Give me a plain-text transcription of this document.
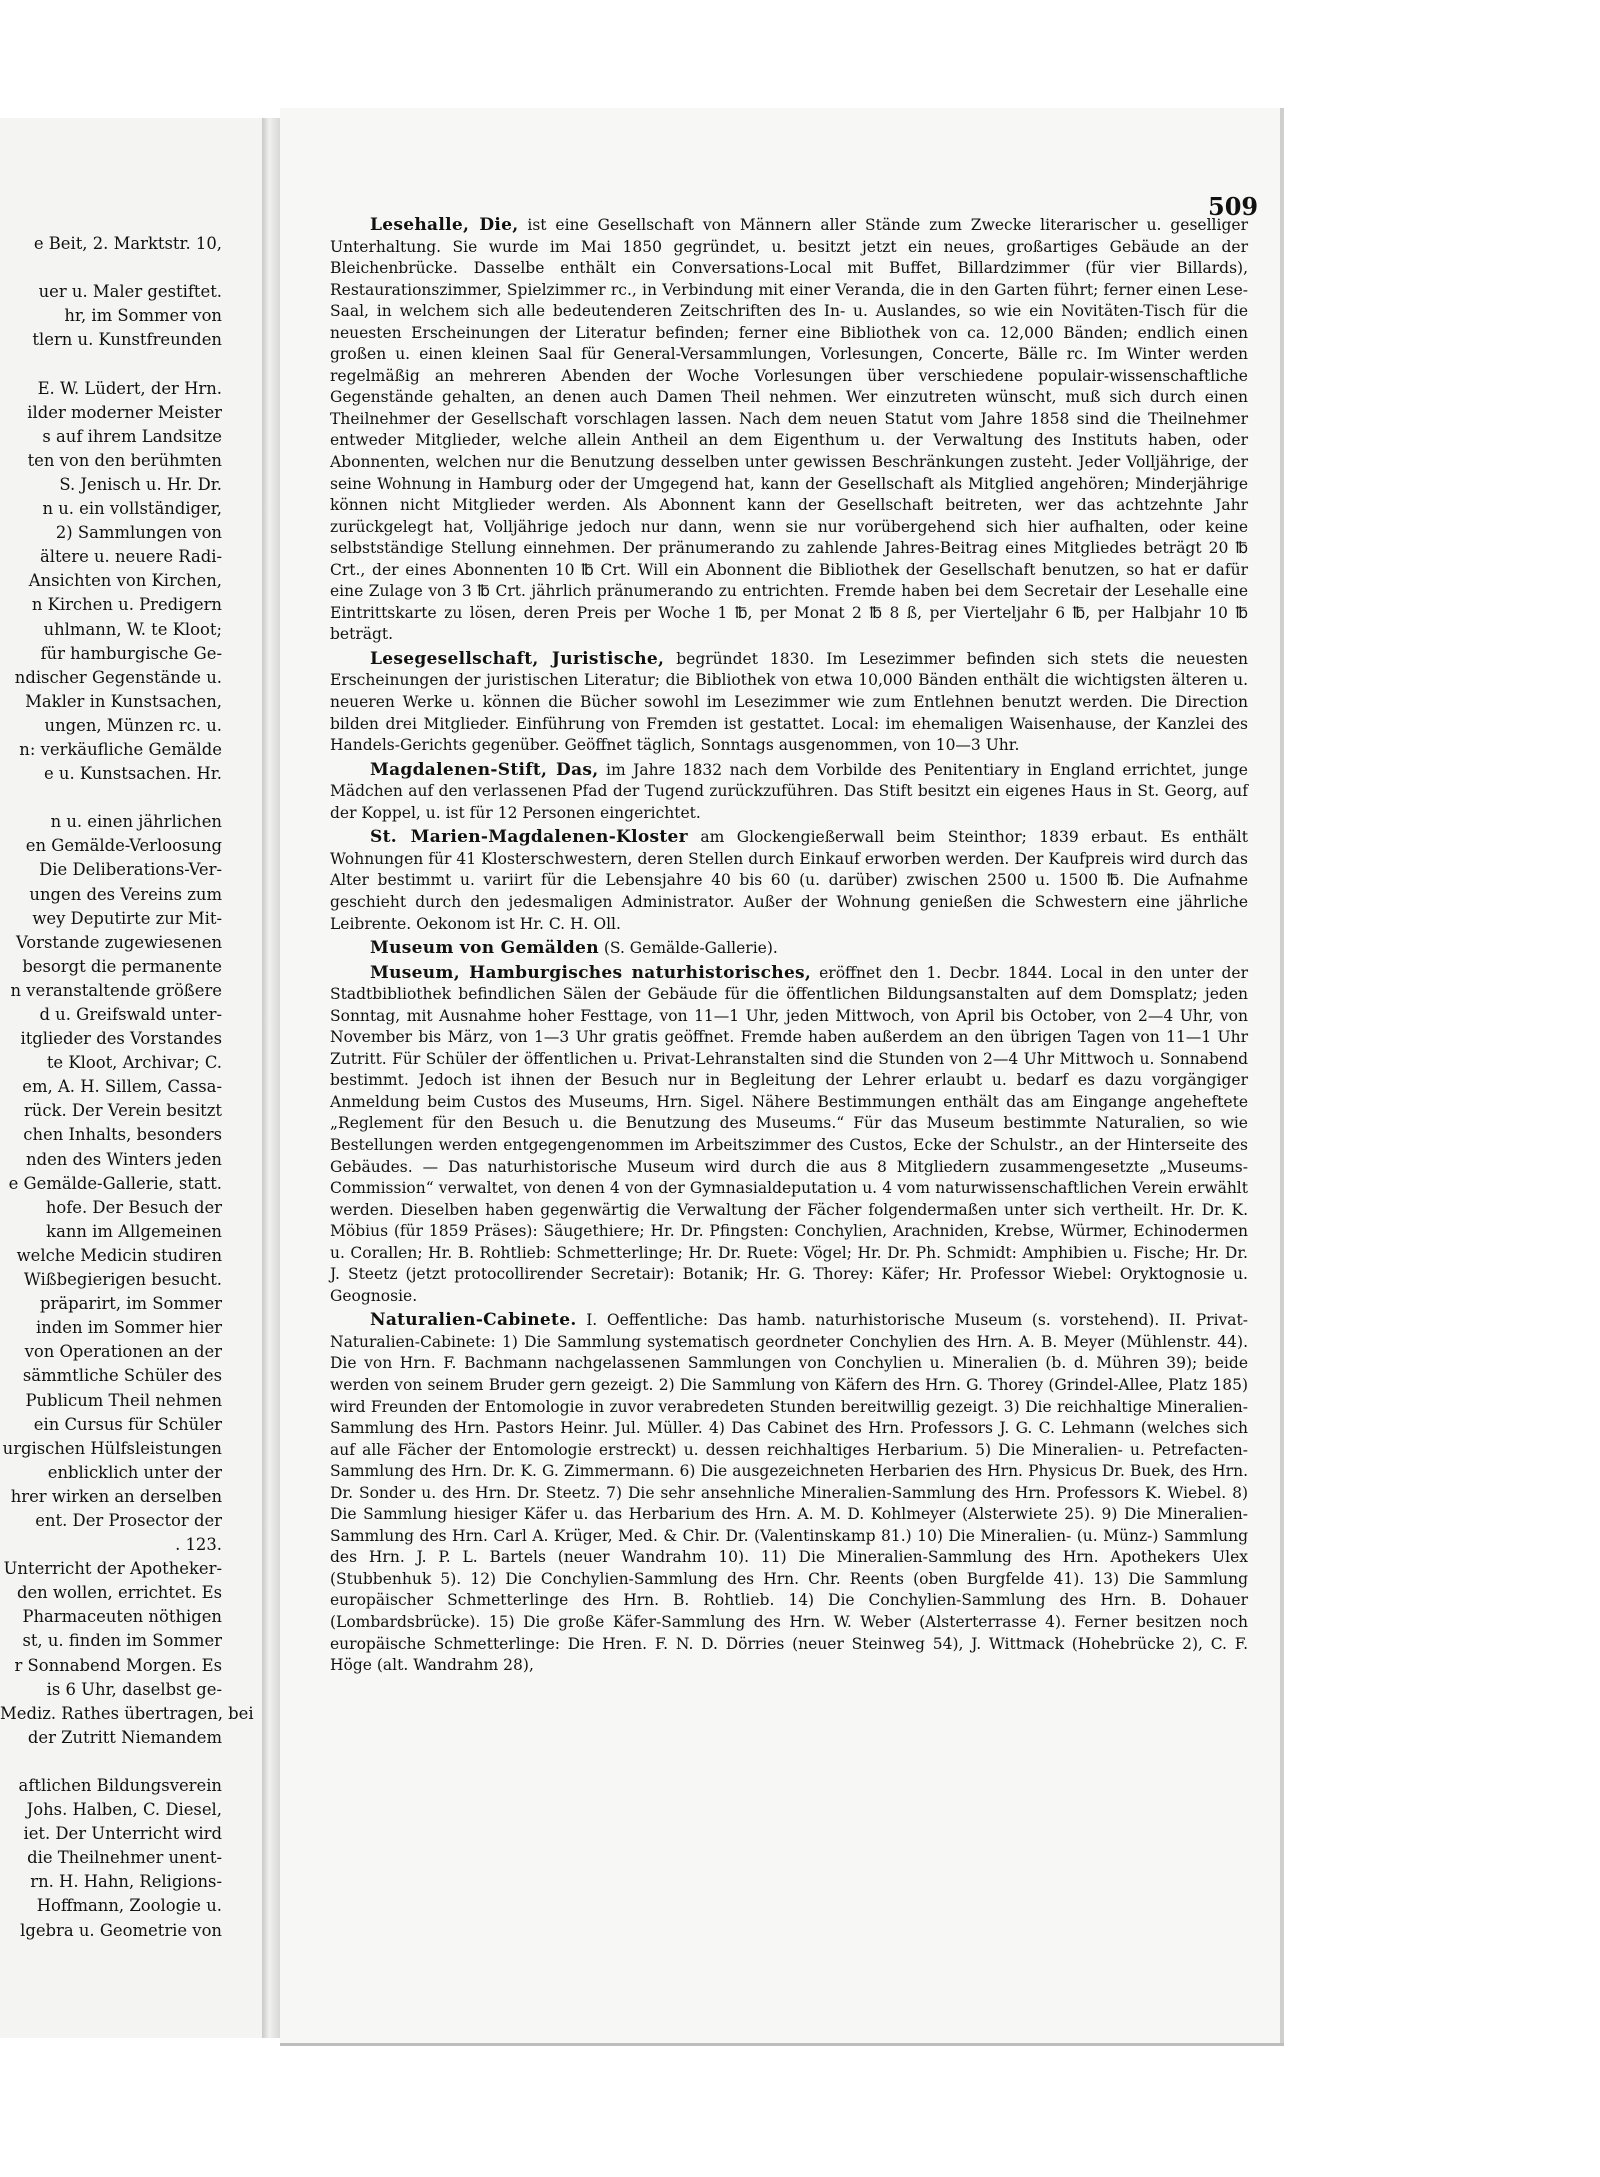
509
e Beit, 2. Marktstr. 10,
uer u. Maler gestiftet.
hr, im Sommer von
tlern u. Kunstfreunden
E. W. Lüdert, der Hrn.
ilder moderner Meister
s auf ihrem Landsitze
ten von den berühmten
S. Jenisch u. Hr. Dr.
n u. ein vollständiger,
2) Sammlungen von
ältere u. neuere Radi-
Ansichten von Kirchen,
n Kirchen u. Predigern
uhlmann, W. te Kloot;
für hamburgische Ge-
ndischer Gegenstände u.
Makler in Kunstsachen,
ungen, Münzen rc. u.
n: verkäufliche Gemälde
e u. Kunstsachen. Hr.
n u. einen jährlichen
en Gemälde-Verloosung
Die Deliberations-Ver-
ungen des Vereins zum
wey Deputirte zur Mit-
Vorstande zugewiesenen
besorgt die permanente
n veranstaltende größere
d u. Greifswald unter-
itglieder des Vorstandes
te Kloot, Archivar; C.
em, A. H. Sillem, Cassa-
rück. Der Verein besitzt
chen Inhalts, besonders
nden des Winters jeden
e Gemälde-Gallerie, statt.
hofe. Der Besuch der
kann im Allgemeinen
welche Medicin studiren
Wißbegierigen besucht.
präparirt, im Sommer
inden im Sommer hier
von Operationen an der
sämmtliche Schüler des
Publicum Theil nehmen
ein Cursus für Schüler
urgischen Hülfsleistungen
enblicklich unter der
hrer wirken an derselben
ent. Der Prosector der
. 123.
Unterricht der Apotheker-
den wollen, errichtet. Es
Pharmaceuten nöthigen
st, u. finden im Sommer
r Sonnabend Morgen. Es
is 6 Uhr, daselbst ge-
Mediz. Rathes übertragen, bei
der Zutritt Niemandem
aftlichen Bildungsverein
Johs. Halben, C. Diesel,
iet. Der Unterricht wird
die Theilnehmer unent-
rn. H. Hahn, Religions-
Hoffmann, Zoologie u.
lgebra u. Geometrie von

Lesehalle, Die, ist eine Gesellschaft von Männern aller Stände zum Zwecke literarischer u. geselliger Unterhaltung. Sie wurde im Mai 1850 gegründet, u. besitzt jetzt ein neues, großartiges Gebäude an der Bleichenbrücke. Dasselbe enthält ein Conversations-Local mit Buffet, Billardzimmer (für vier Billards), Restaurationszimmer, Spielzimmer rc., in Verbindung mit einer Veranda, die in den Garten führt; ferner einen Lese-Saal, in welchem sich alle bedeutenderen Zeitschriften des In- u. Auslandes, so wie ein Novitäten-Tisch für die neuesten Erscheinungen der Literatur befinden; ferner eine Bibliothek von ca. 12,000 Bänden; endlich einen großen u. einen kleinen Saal für General-Versammlungen, Vorlesungen, Concerte, Bälle rc. Im Winter werden regelmäßig an mehreren Abenden der Woche Vorlesungen über verschiedene populair-wissenschaftliche Gegenstände gehalten, an denen auch Damen Theil nehmen. Wer einzutreten wünscht, muß sich durch einen Theilnehmer der Gesellschaft vorschlagen lassen. Nach dem neuen Statut vom Jahre 1858 sind die Theilnehmer entweder Mitglieder, welche allein Antheil an dem Eigenthum u. der Verwaltung des Instituts haben, oder Abonnenten, welchen nur die Benutzung desselben unter gewissen Beschränkungen zusteht. Jeder Volljährige, der seine Wohnung in Hamburg oder der Umgegend hat, kann der Gesellschaft als Mitglied angehören; Minderjährige können nicht Mitglieder werden. Als Abonnent kann der Gesellschaft beitreten, wer das achtzehnte Jahr zurückgelegt hat, Volljährige jedoch nur dann, wenn sie nur vorübergehend sich hier aufhalten, oder keine selbstständige Stellung einnehmen. Der pränumerando zu zahlende Jahres-Beitrag eines Mitgliedes beträgt 20 ℔ Crt., der eines Abonnenten 10 ℔ Crt. Will ein Abonnent die Bibliothek der Gesellschaft benutzen, so hat er dafür eine Zulage von 3 ℔ Crt. jährlich pränumerando zu entrichten. Fremde haben bei dem Secretair der Lesehalle eine Eintrittskarte zu lösen, deren Preis per Woche 1 ℔, per Monat 2 ℔ 8 ß, per Vierteljahr 6 ℔, per Halbjahr 10 ℔ beträgt.

Lesegesellschaft, Juristische, begründet 1830. Im Lesezimmer befinden sich stets die neuesten Erscheinungen der juristischen Literatur; die Bibliothek von etwa 10,000 Bänden enthält die wichtigsten älteren u. neueren Werke u. können die Bücher sowohl im Lesezimmer wie zum Entlehnen benutzt werden. Die Direction bilden drei Mitglieder. Einführung von Fremden ist gestattet. Local: im ehemaligen Waisenhause, der Kanzlei des Handels-Gerichts gegenüber. Geöffnet täglich, Sonntags ausgenommen, von 10—3 Uhr.

Magdalenen-Stift, Das, im Jahre 1832 nach dem Vorbilde des Penitentiary in England errichtet, junge Mädchen auf den verlassenen Pfad der Tugend zurückzuführen. Das Stift besitzt ein eigenes Haus in St. Georg, auf der Koppel, u. ist für 12 Personen eingerichtet.

St. Marien-Magdalenen-Kloster am Glockengießerwall beim Steinthor; 1839 erbaut. Es enthält Wohnungen für 41 Klosterschwestern, deren Stellen durch Einkauf erworben werden. Der Kaufpreis wird durch das Alter bestimmt u. variirt für die Lebensjahre 40 bis 60 (u. darüber) zwischen 2500 u. 1500 ℔. Die Aufnahme geschieht durch den jedesmaligen Administrator. Außer der Wohnung genießen die Schwestern eine jährliche Leibrente. Oekonom ist Hr. C. H. Oll.

Museum von Gemälden (S. Gemälde-Gallerie).

Museum, Hamburgisches naturhistorisches, eröffnet den 1. Decbr. 1844. Local in den unter der Stadtbibliothek befindlichen Sälen der Gebäude für die öffentlichen Bildungsanstalten auf dem Domsplatz; jeden Sonntag, mit Ausnahme hoher Festtage, von 11—1 Uhr, jeden Mittwoch, von April bis October, von 2—4 Uhr, von November bis März, von 1—3 Uhr gratis geöffnet. Fremde haben außerdem an den übrigen Tagen von 11—1 Uhr Zutritt. Für Schüler der öffentlichen u. Privat-Lehranstalten sind die Stunden von 2—4 Uhr Mittwoch u. Sonnabend bestimmt. Jedoch ist ihnen der Besuch nur in Begleitung der Lehrer erlaubt u. bedarf es dazu vorgängiger Anmeldung beim Custos des Museums, Hrn. Sigel. Nähere Bestimmungen enthält das am Eingange angeheftete „Reglement für den Besuch u. die Benutzung des Museums.“ Für das Museum bestimmte Naturalien, so wie Bestellungen werden entgegengenommen im Arbeitszimmer des Custos, Ecke der Schulstr., an der Hinterseite des Gebäudes. — Das naturhistorische Museum wird durch die aus 8 Mitgliedern zusammengesetzte „Museums-Commission“ verwaltet, von denen 4 von der Gymnasialdeputation u. 4 vom naturwissenschaftlichen Verein erwählt werden. Dieselben haben gegenwärtig die Verwaltung der Fächer folgendermaßen unter sich vertheilt. Hr. Dr. K. Möbius (für 1859 Präses): Säugethiere; Hr. Dr. Pfingsten: Conchylien, Arachniden, Krebse, Würmer, Echinodermen u. Corallen; Hr. B. Rohtlieb: Schmetterlinge; Hr. Dr. Ruete: Vögel; Hr. Dr. Ph. Schmidt: Amphibien u. Fische; Hr. Dr. J. Steetz (jetzt protocollirender Secretair): Botanik; Hr. G. Thorey: Käfer; Hr. Professor Wiebel: Oryktognosie u. Geognosie.

Naturalien-Cabinete. I. Oeffentliche: Das hamb. naturhistorische Museum (s. vorstehend). II. Privat-Naturalien-Cabinete: 1) Die Sammlung systematisch geordneter Conchylien des Hrn. A. B. Meyer (Mühlenstr. 44). Die von Hrn. F. Bachmann nachgelassenen Sammlungen von Conchylien u. Mineralien (b. d. Mühren 39); beide werden von seinem Bruder gern gezeigt. 2) Die Sammlung von Käfern des Hrn. G. Thorey (Grindel-Allee, Platz 185) wird Freunden der Entomologie in zuvor verabredeten Stunden bereitwillig gezeigt. 3) Die reichhaltige Mineralien-Sammlung des Hrn. Pastors Heinr. Jul. Müller. 4) Das Cabinet des Hrn. Professors J. G. C. Lehmann (welches sich auf alle Fächer der Entomologie erstreckt) u. dessen reichhaltiges Herbarium. 5) Die Mineralien- u. Petrefacten-Sammlung des Hrn. Dr. K. G. Zimmermann. 6) Die ausgezeichneten Herbarien des Hrn. Physicus Dr. Buek, des Hrn. Dr. Sonder u. des Hrn. Dr. Steetz. 7) Die sehr ansehnliche Mineralien-Sammlung des Hrn. Professors K. Wiebel. 8) Die Sammlung hiesiger Käfer u. das Herbarium des Hrn. A. M. D. Kohlmeyer (Alsterwiete 25). 9) Die Mineralien-Sammlung des Hrn. Carl A. Krüger, Med. & Chir. Dr. (Valentinskamp 81.) 10) Die Mineralien- (u. Münz-) Sammlung des Hrn. J. P. L. Bartels (neuer Wandrahm 10). 11) Die Mineralien-Sammlung des Hrn. Apothekers Ulex (Stubbenhuk 5). 12) Die Conchylien-Sammlung des Hrn. Chr. Reents (oben Burgfelde 41). 13) Die Sammlung europäischer Schmetterlinge des Hrn. B. Rohtlieb. 14) Die Conchylien-Sammlung des Hrn. B. Dohauer (Lombardsbrücke). 15) Die große Käfer-Sammlung des Hrn. W. Weber (Alsterterrasse 4). Ferner besitzen noch europäische Schmetterlinge: Die Hren. F. N. D. Dörries (neuer Steinweg 54), J. Wittmack (Hohebrücke 2), C. F. Höge (alt. Wandrahm 28),
